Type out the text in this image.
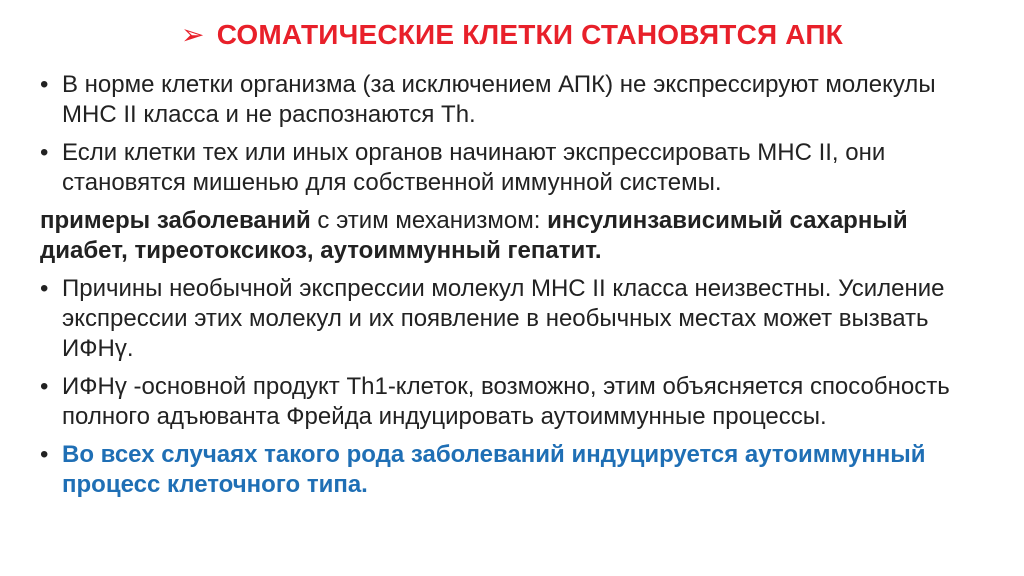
➢ СОМАТИЧЕСКИЕ КЛЕТКИ СТАНОВЯТСЯ АПК
• В норме клетки организма (за исключением АПК) не экспрессируют молекулы МНС II класса и не распознаются Th.
• Если клетки тех или иных органов начинают экспрессировать МНС II, они становятся мишенью для собственной иммунной системы.
примеры заболеваний с этим механизмом: инсулинзависимый сахарный диабет, тиреотоксикоз, аутоиммунный гепатит.
• Причины необычной экспрессии молекул МНС II класса неизвестны. Усиление экспрессии этих молекул и их появление в необычных местах может вызвать ИФНγ.
• ИФНγ -основной продукт Th1-клеток, возможно, этим объясняется способность полного адъюванта Фрейда индуцировать аутоиммунные процессы.
• Во всех случаях такого рода заболеваний индуцируется аутоиммунный процесс клеточного типа.
